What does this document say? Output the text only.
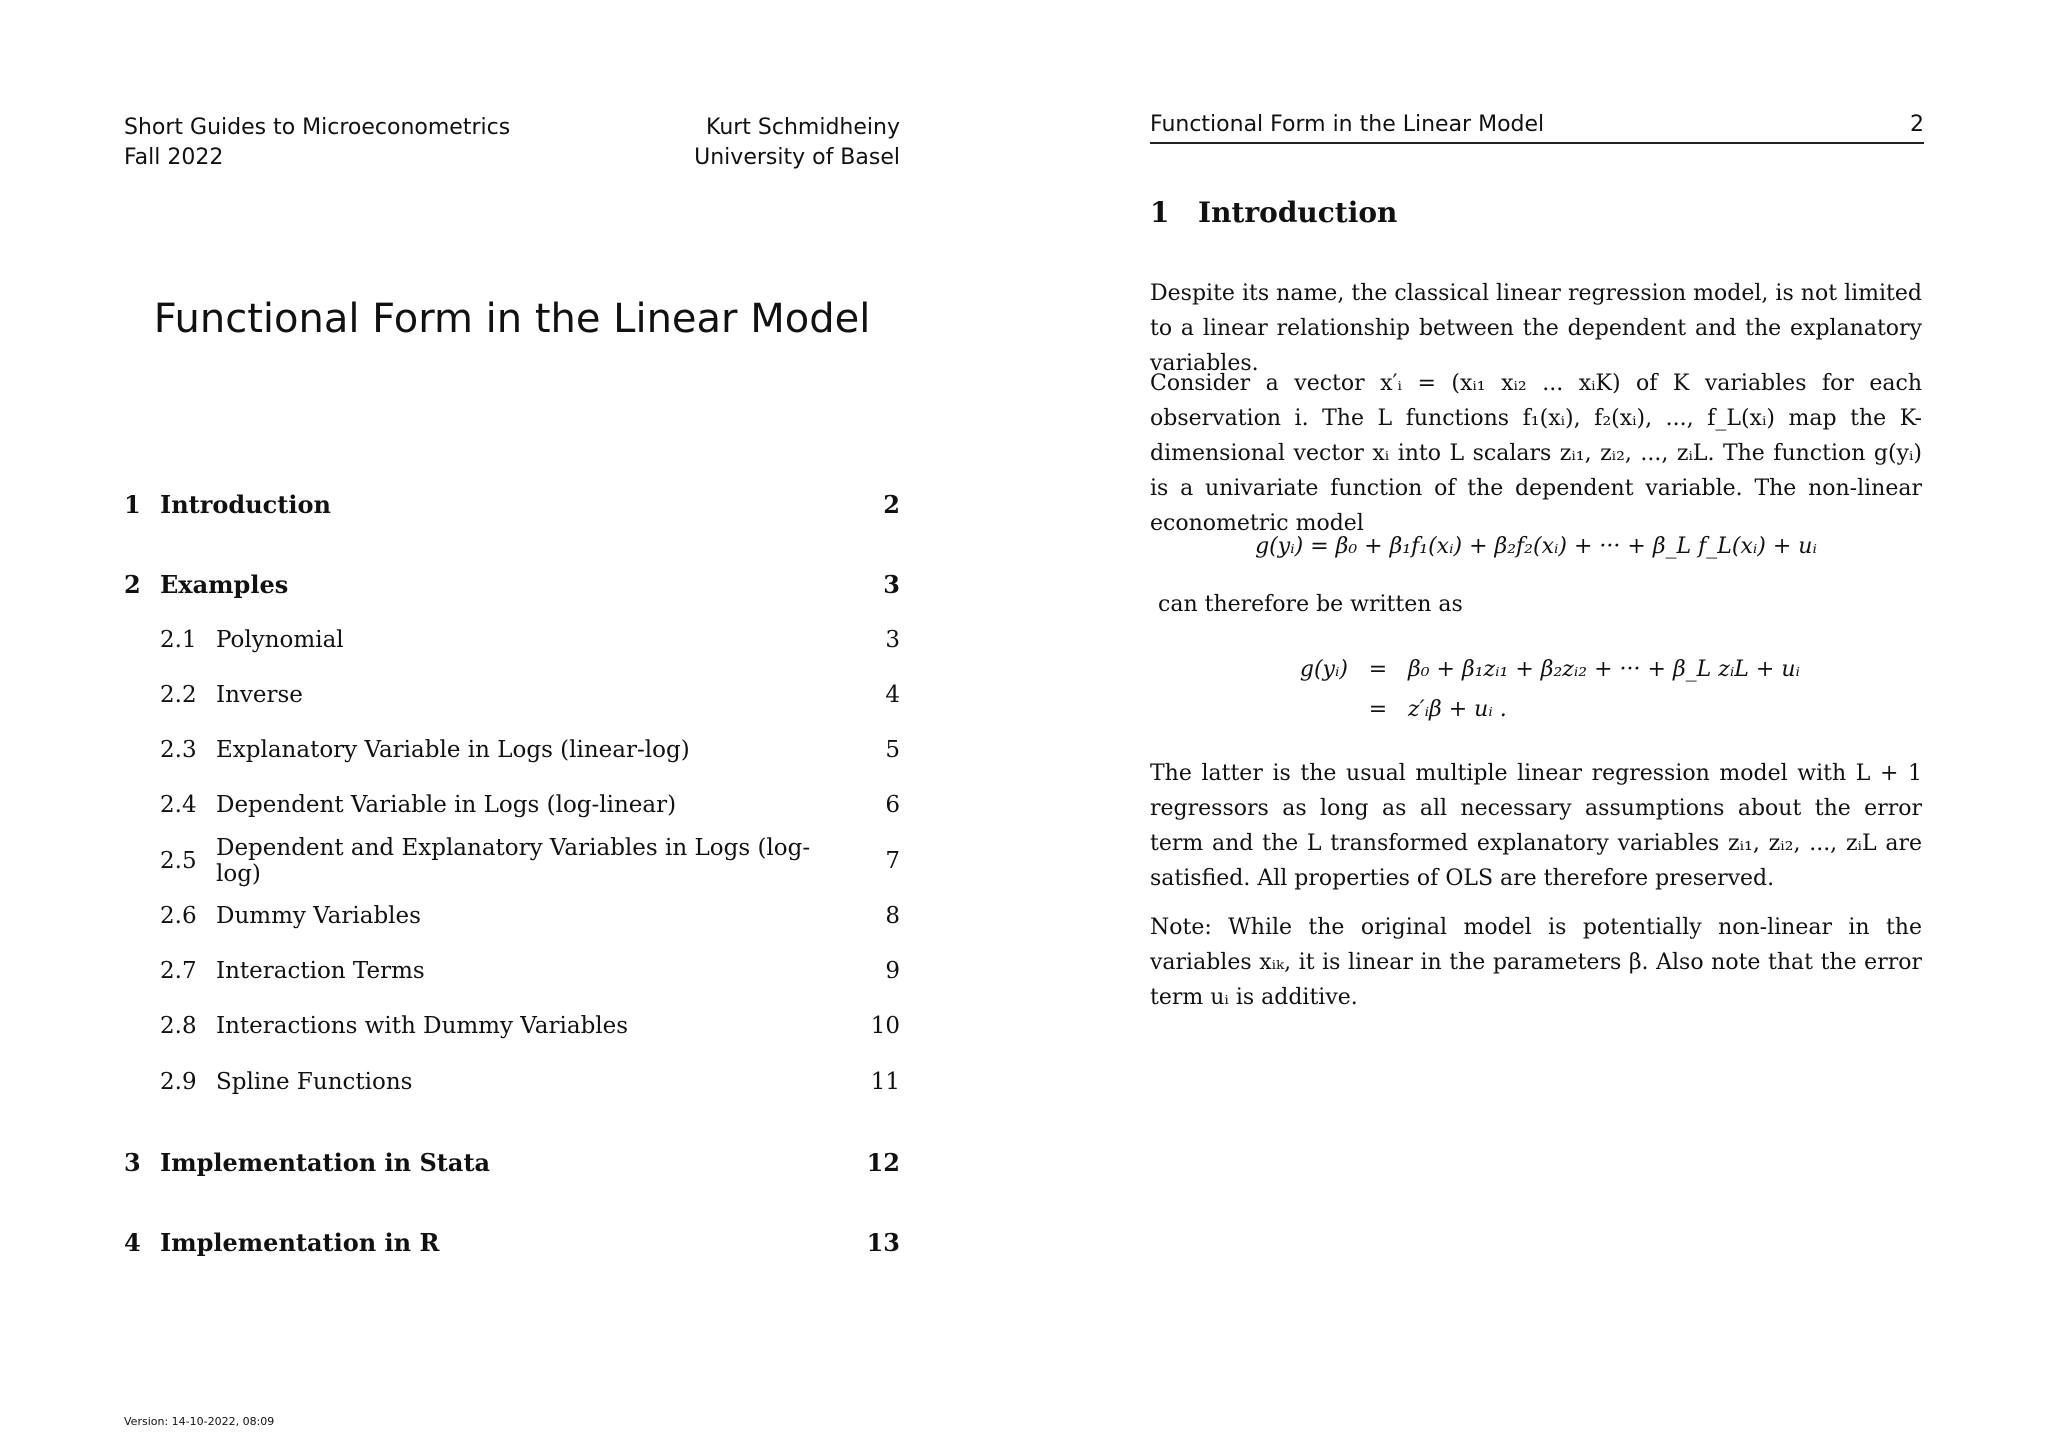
Short Guides to Microeconometrics
Fall 2022
Kurt Schmidheiny
University of Basel
Functional Form in the Linear Model
1 Introduction	2
2 Examples	3
2.1 Polynomial	3
2.2 Inverse	4
2.3 Explanatory Variable in Logs (linear-log)	5
2.4 Dependent Variable in Logs (log-linear)	6
2.5 Dependent and Explanatory Variables in Logs (log-log)	7
2.6 Dummy Variables	8
2.7 Interaction Terms	9
2.8 Interactions with Dummy Variables	10
2.9 Spline Functions	11
3 Implementation in Stata	12
4 Implementation in R	13
Version: 14-10-2022, 08:09
Functional Form in the Linear Model	2
1 Introduction
Despite its name, the classical linear regression model, is not limited to a linear relationship between the dependent and the explanatory variables.
Consider a vector x′ᵢ = (xᵢ₁ xᵢ₂ ... xᵢK) of K variables for each observation i. The L functions f₁(xᵢ), f₂(xᵢ), ..., f_L(xᵢ) map the K-dimensional vector xᵢ into L scalars zᵢ₁, zᵢ₂, ..., zᵢL. The function g(yᵢ) is a univariate function of the dependent variable. The non-linear econometric model
g(yᵢ) = β₀ + β₁f₁(xᵢ) + β₂f₂(xᵢ) + ··· + β_L f_L(xᵢ) + uᵢ
can therefore be written as
g(yᵢ) = β₀ + β₁zᵢ₁ + β₂zᵢ₂ + ··· + β_L zᵢL + uᵢ
= z′ᵢβ + uᵢ .
The latter is the usual multiple linear regression model with L + 1 regressors as long as all necessary assumptions about the error term and the L transformed explanatory variables zᵢ₁, zᵢ₂, ..., zᵢL are satisfied. All properties of OLS are therefore preserved.
Note: While the original model is potentially non-linear in the variables xᵢₖ, it is linear in the parameters β. Also note that the error term uᵢ is additive.
